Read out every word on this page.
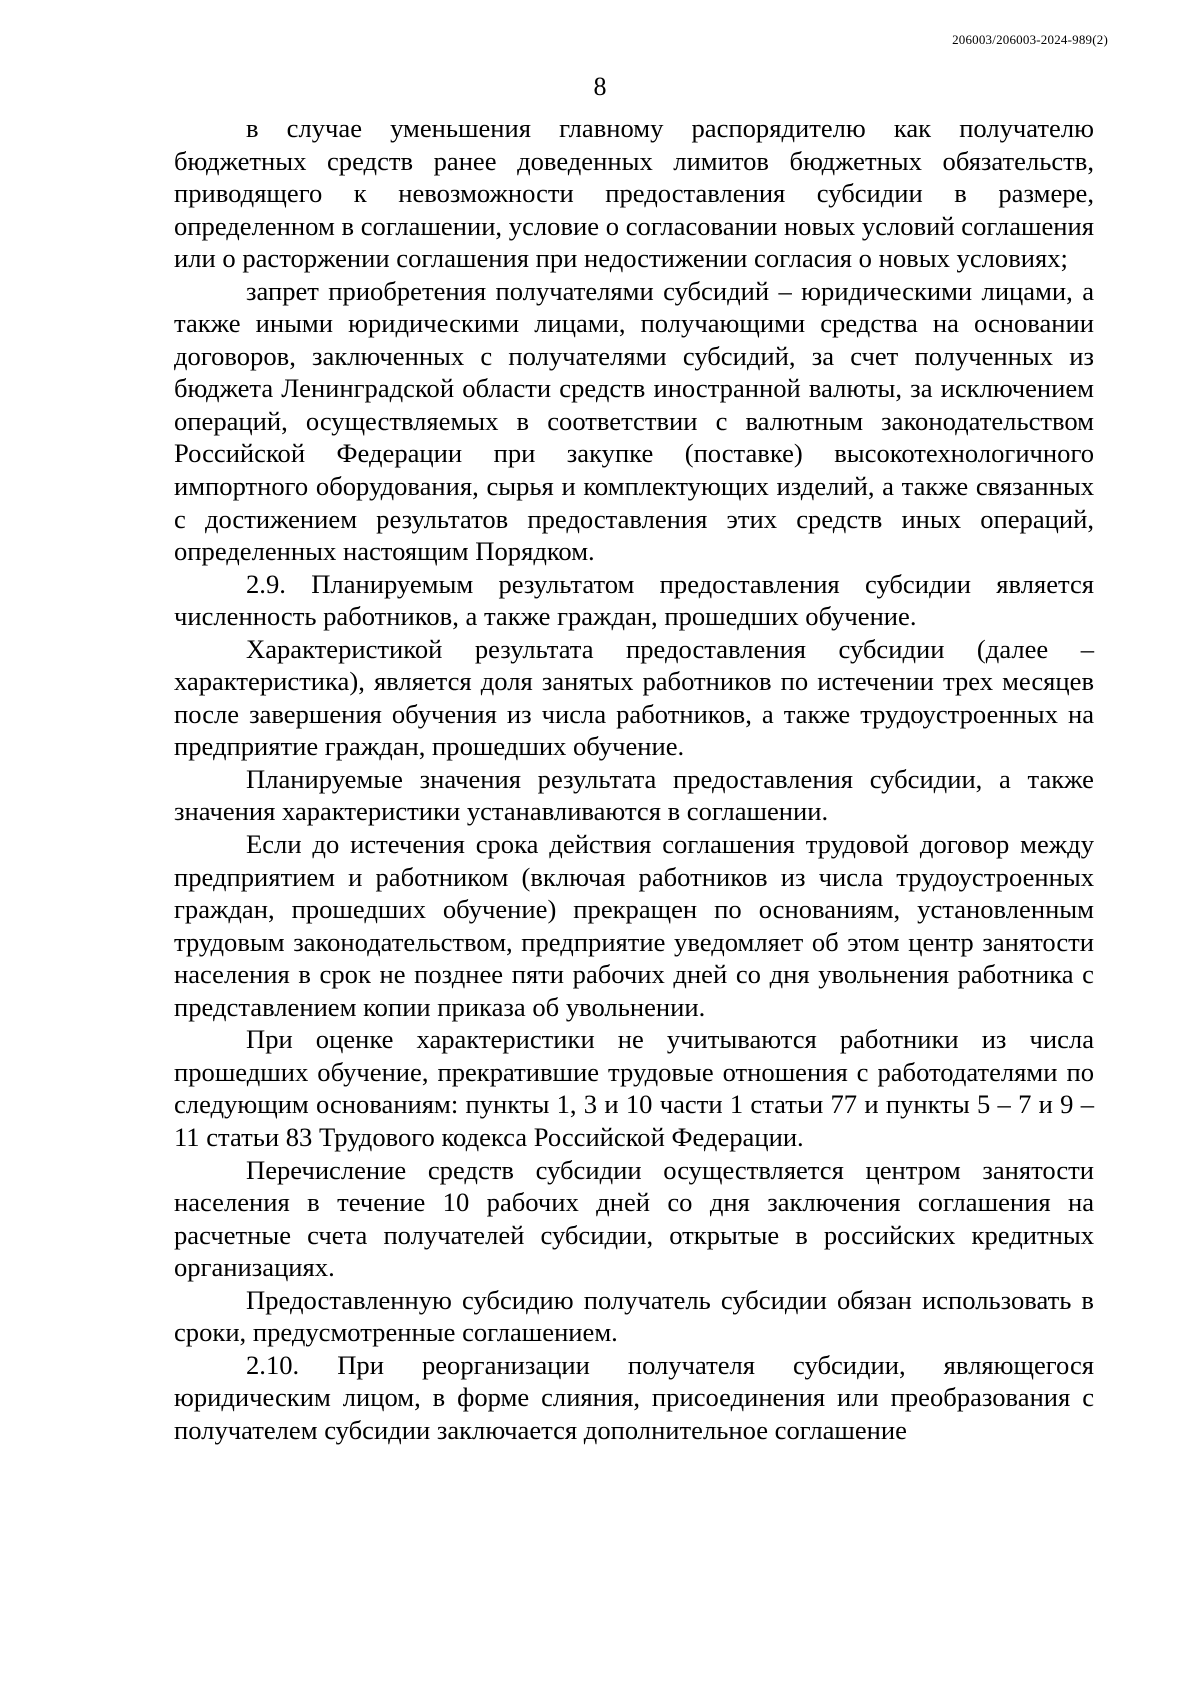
206003/206003-2024-989(2)
8

в случае уменьшения главному распорядителю как получателю бюджетных средств ранее доведенных лимитов бюджетных обязательств, приводящего к невозможности предоставления субсидии в размере, определенном в соглашении, условие о согласовании новых условий соглашения или о расторжении соглашения при недостижении согласия о новых условиях;

запрет приобретения получателями субсидий – юридическими лицами, а также иными юридическими лицами, получающими средства на основании договоров, заключенных с получателями субсидий, за счет полученных из бюджета Ленинградской области средств иностранной валюты, за исключением операций, осуществляемых в соответствии с валютным законодательством Российской Федерации при закупке (поставке) высокотехнологичного импортного оборудования, сырья и комплектующих изделий, а также связанных с достижением результатов предоставления этих средств иных операций, определенных настоящим Порядком.

2.9. Планируемым результатом предоставления субсидии является численность работников, а также граждан, прошедших обучение.

Характеристикой результата предоставления субсидии (далее – характеристика), является доля занятых работников по истечении трех месяцев после завершения обучения из числа работников, а также трудоустроенных на предприятие граждан, прошедших обучение.

Планируемые значения результата предоставления субсидии, а также значения характеристики устанавливаются в соглашении.

Если до истечения срока действия соглашения трудовой договор между предприятием и работником (включая работников из числа трудоустроенных граждан, прошедших обучение) прекращен по основаниям, установленным трудовым законодательством, предприятие уведомляет об этом центр занятости населения в срок не позднее пяти рабочих дней со дня увольнения работника с представлением копии приказа об увольнении.

При оценке характеристики не учитываются работники из числа прошедших обучение, прекратившие трудовые отношения с работодателями по следующим основаниям: пункты 1, 3 и 10 части 1 статьи 77 и пункты 5 – 7 и 9 – 11 статьи 83 Трудового кодекса Российской Федерации.

Перечисление средств субсидии осуществляется центром занятости населения в течение 10 рабочих дней со дня заключения соглашения на расчетные счета получателей субсидии, открытые в российских кредитных организациях.

Предоставленную субсидию получатель субсидии обязан использовать в сроки, предусмотренные соглашением.

2.10. При реорганизации получателя субсидии, являющегося юридическим лицом, в форме слияния, присоединения или преобразования с получателем субсидии заключается дополнительное соглашение
